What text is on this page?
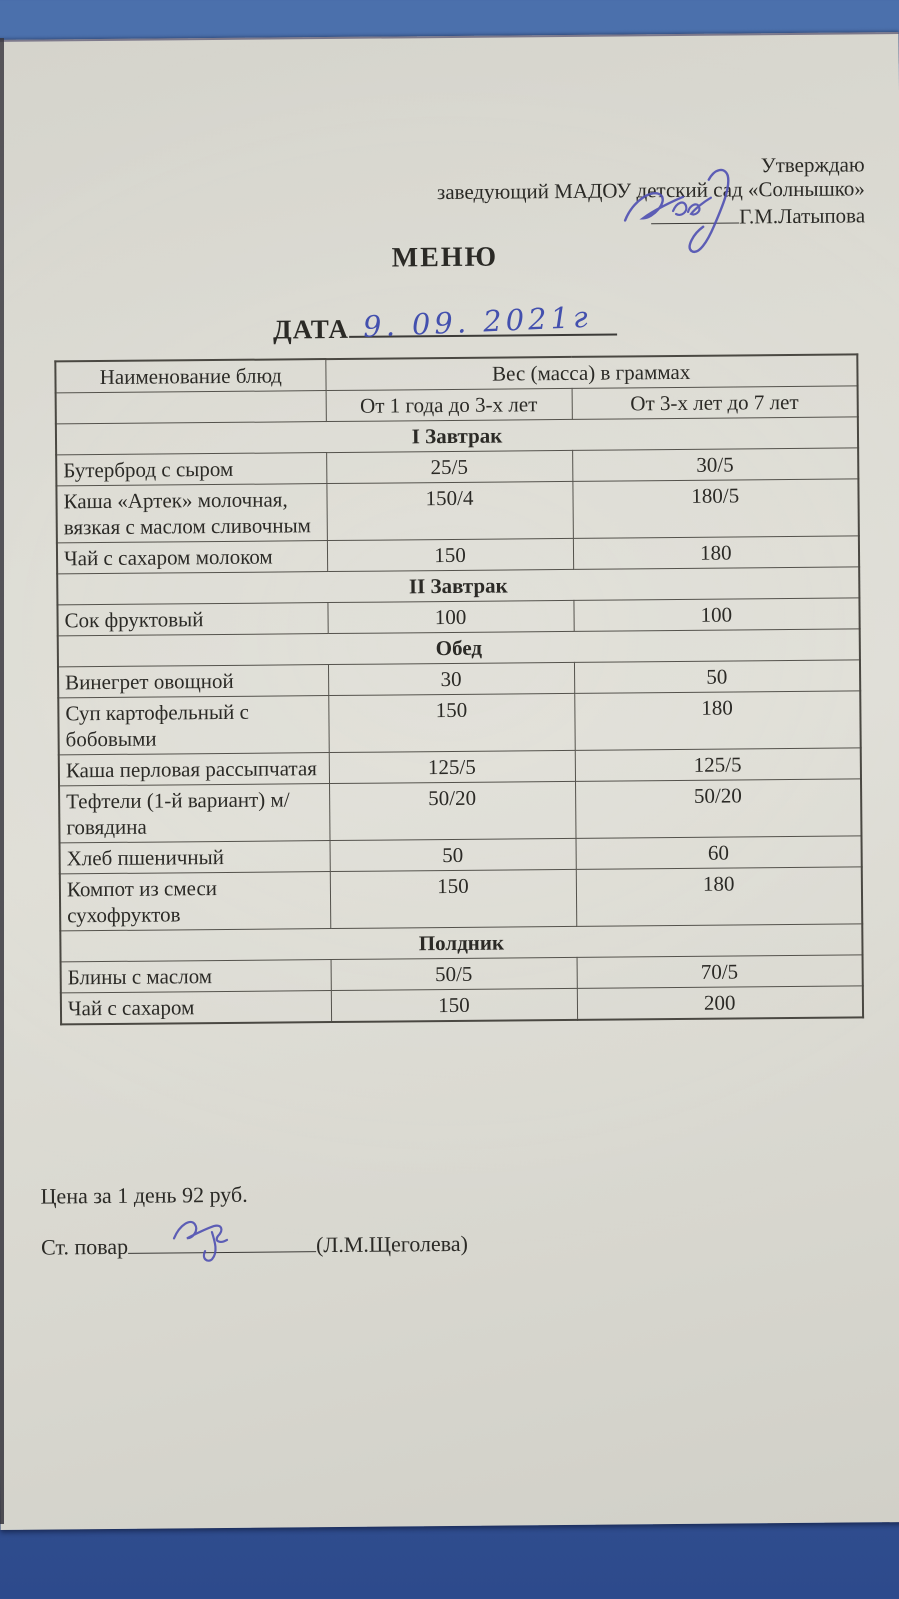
Утверждаю
заведующий МАДОУ детский сад «Солнышко»
Г.М.Латыпова
МЕНЮ
ДАТА 9. 09. 2021г
Наименование блюд	Вес (масса) в граммах	
	От 1 года до 3-х лет	От 3-х лет до 7 лет
I Завтрак		
Бутерброд с сыром	25/5	30/5
Каша «Артек» молочная, вязкая с маслом сливочным	150/4	180/5
Чай с сахаром молоком	150	180
II Завтрак		
Сок фруктовый	100	100
Обед		
Винегрет овощной	30	50
Суп картофельный с бобовыми	150	180
Каша перловая рассыпчатая	125/5	125/5
Тефтели (1-й вариант) м/говядина	50/20	50/20
Хлеб пшеничный	50	60
Компот из смеси сухофруктов	150	180
Полдник		
Блины с маслом	50/5	70/5
Чай с сахаром	150	200
Цена за 1 день 92 руб.
Ст. повар	(Л.М.Щеголева)
